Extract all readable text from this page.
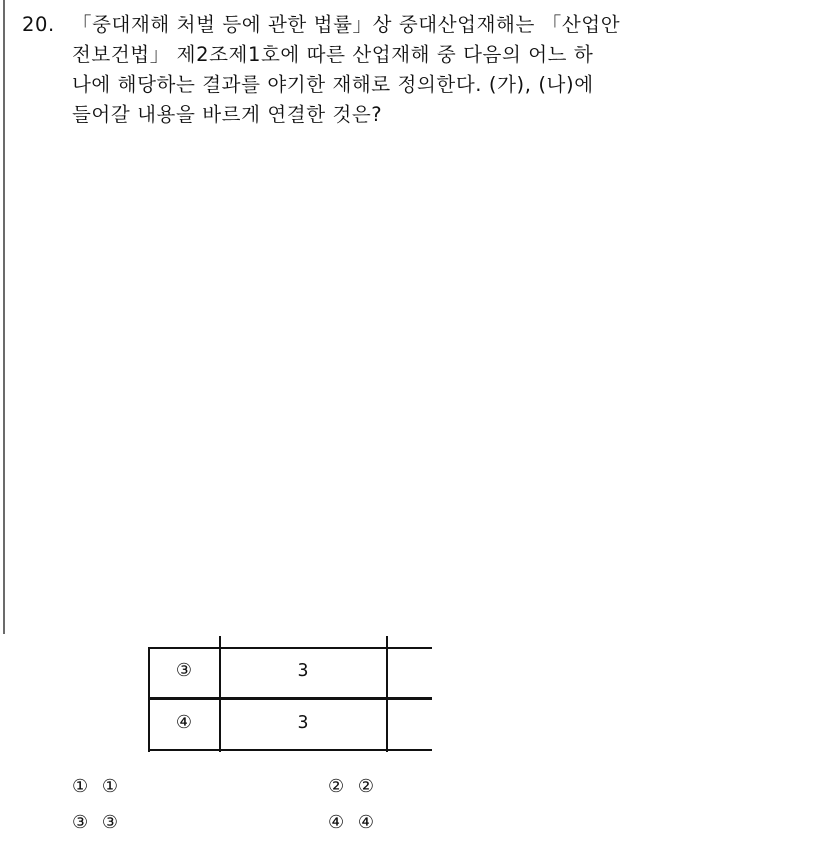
20. 「중대재해 처벌 등에 관한 법률」상 중대산업재해는 「산업안
전보건법」 제2조제1호에 따른 산업재해 중 다음의 어느 하
나에 해당하는 결과를 야기한 재해로 정의한다. (가), (나)에
들어갈 내용을 바르게 연결한 것은?
③	3
④	3
① ①	② ②
③ ③	④ ④
